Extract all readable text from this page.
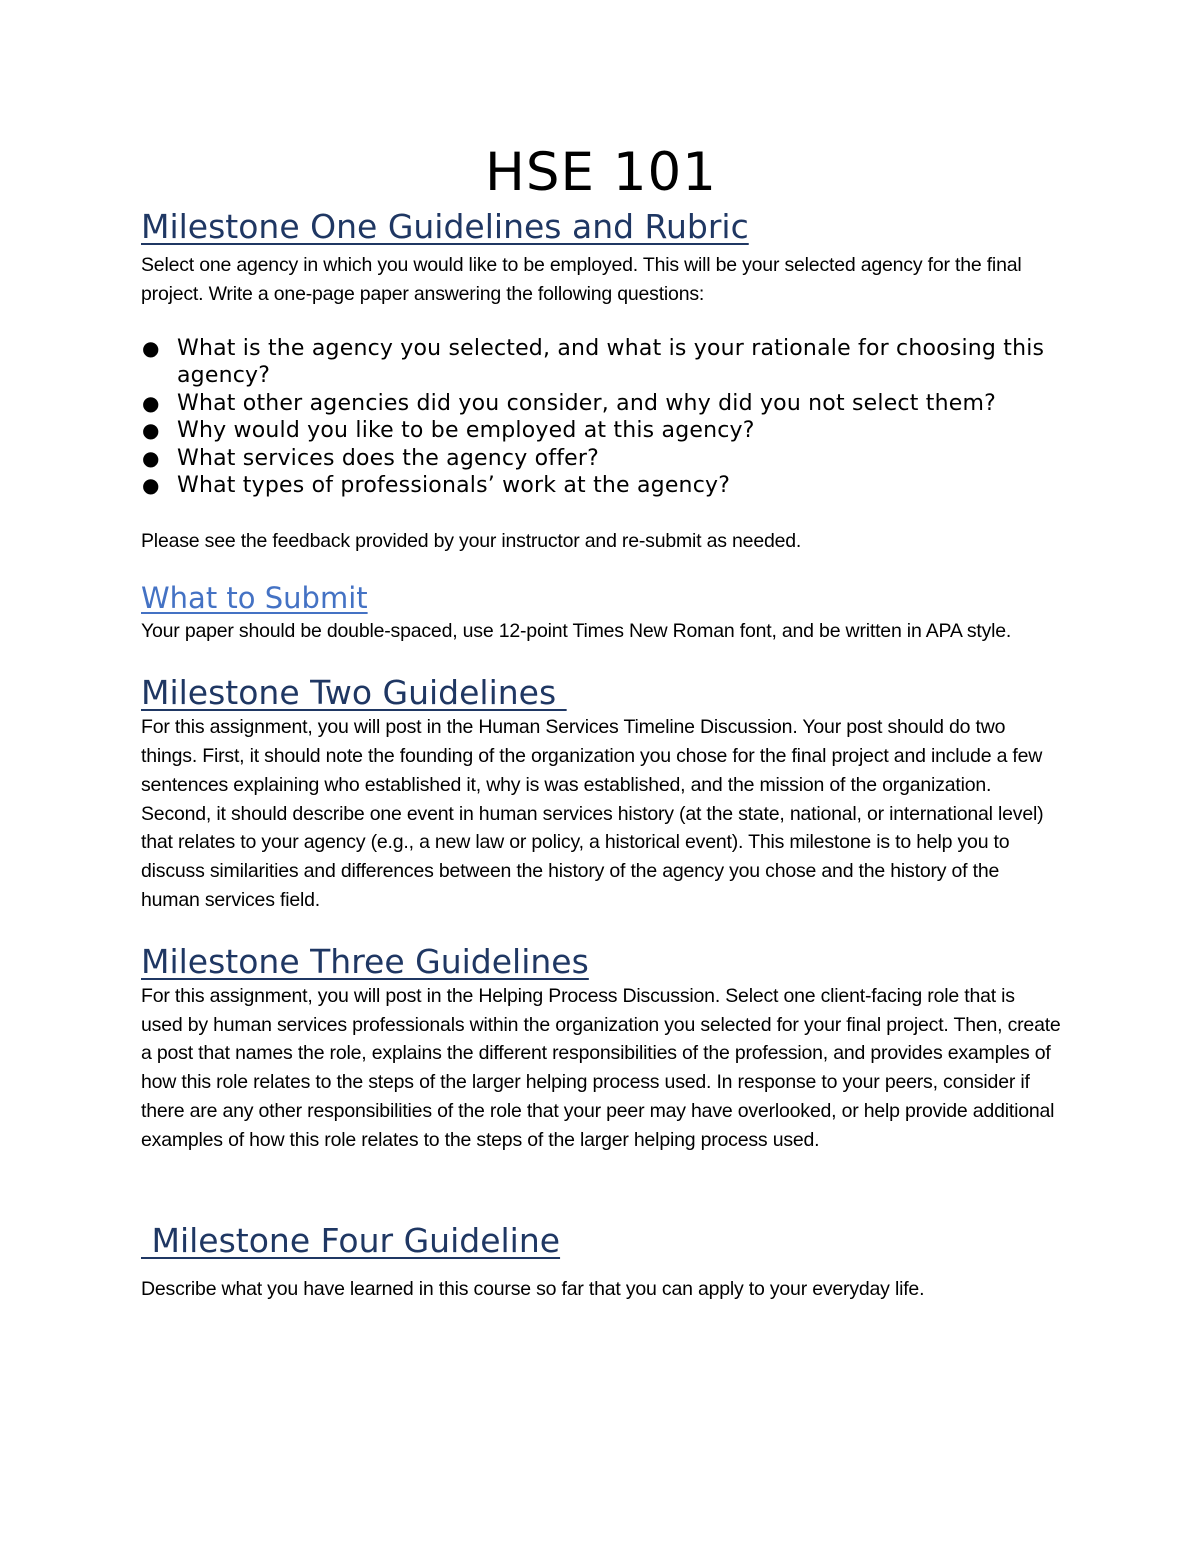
HSE 101
Milestone One Guidelines and Rubric

Select one agency in which you would like to be employed. This will be your selected agency for the final project. Write a one-page paper answering the following questions:

● What is the agency you selected, and what is your rationale for choosing this agency?
● What other agencies did you consider, and why did you not select them?
● Why would you like to be employed at this agency?
● What services does the agency offer?
● What types of professionals’ work at the agency?

Please see the feedback provided by your instructor and re-submit as needed.

What to Submit

Your paper should be double-spaced, use 12-point Times New Roman font, and be written in APA style.

Milestone Two Guidelines

For this assignment, you will post in the Human Services Timeline Discussion. Your post should do two things. First, it should note the founding of the organization you chose for the final project and include a few sentences explaining who established it, why is was established, and the mission of the organization. Second, it should describe one event in human services history (at the state, national, or international level) that relates to your agency (e.g., a new law or policy, a historical event). This milestone is to help you to discuss similarities and differences between the history of the agency you chose and the history of the human services field.

Milestone Three Guidelines

For this assignment, you will post in the Helping Process Discussion. Select one client-facing role that is used by human services professionals within the organization you selected for your final project. Then, create a post that names the role, explains the different responsibilities of the profession, and provides examples of how this role relates to the steps of the larger helping process used. In response to your peers, consider if there are any other responsibilities of the role that your peer may have overlooked, or help provide additional examples of how this role relates to the steps of the larger helping process used.

Milestone Four Guideline

Describe what you have learned in this course so far that you can apply to your everyday life.
